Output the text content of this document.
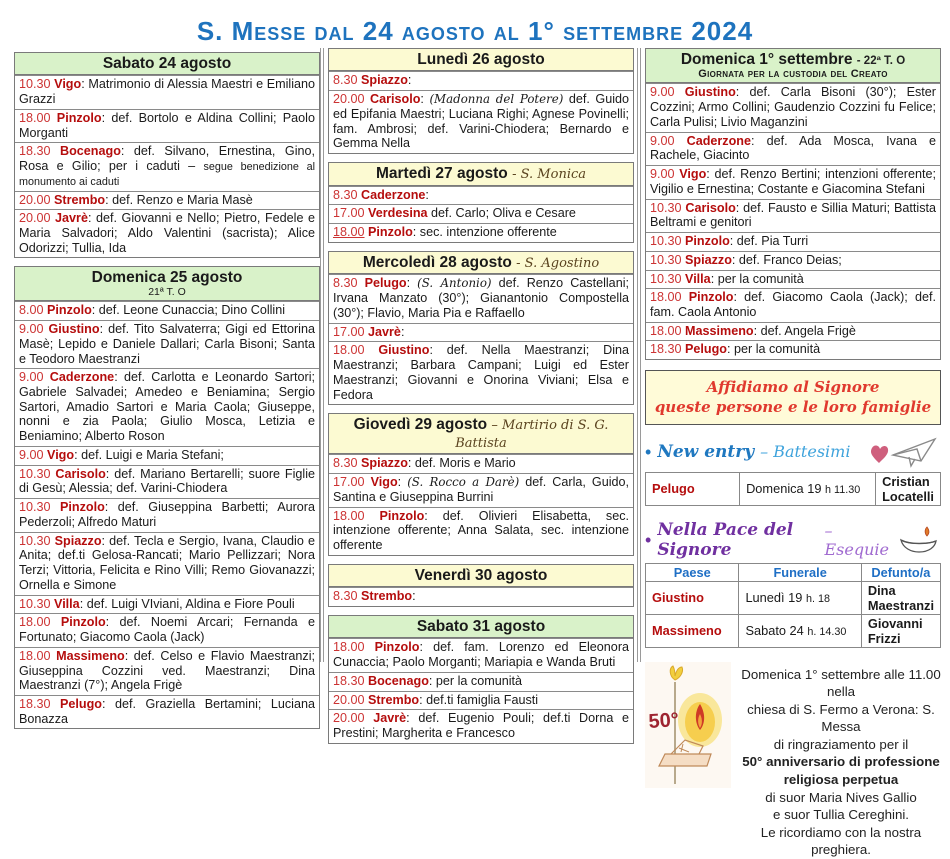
S. Messe dal 24 agosto al 1° settembre 2024
Sabato 24 agosto
10.30 Vigo: Matrimonio di Alessia Maestri e Emiliano Grazzi
18.00 Pinzolo: def. Bortolo e Aldina Collini; Paolo Morganti
18.30 Bocenago: def. Silvano, Ernestina, Gino, Rosa e Gilio; per i caduti – segue benedizione al monumento ai caduti
20.00 Strembo: def. Renzo e Maria Masè
20.00 Javrè: def. Giovanni e Nello; Pietro, Fedele e Maria Salvadori; Aldo Valentini (sacrista); Alice Odorizzi; Tullia, Ida
Domenica 25 agosto
21ª T. O
8.00 Pinzolo: def. Leone Cunaccia; Dino Collini
9.00 Giustino: def. Tito Salvaterra; Gigi ed Ettorina Masè; Lepido e Daniele Dallari; Carla Bisoni; Santa e Teodoro Maestranzi
9.00 Caderzone: def. Carlotta e Leonardo Sartori; Gabriele Salvadei; Amedeo e Beniamina; Sergio Sartori, Amadio Sartori e Maria Caola; Giuseppe, nonni e zia Paola; Giulio Mosca, Letizia e Beniamino; Alberto Roson
9.00 Vigo: def. Luigi e Maria Stefani;
10.30 Carisolo: def. Mariano Bertarelli; suore Figlie di Gesù; Alessia; def. Varini-Chiodera
10.30 Pinzolo: def. Giuseppina Barbetti; Aurora Pederzoli; Alfredo Maturi
10.30 Spiazzo: def. Tecla e Sergio, Ivana, Claudio e Anita; def.ti Gelosa-Rancati; Mario Pellizzari; Nora Terzi; Vittoria, Felicita e Rino Villi; Remo Giovanazzi; Ornella e Simone
10.30 Villa: def. Luigi VIviani, Aldina e Fiore Pouli
18.00 Pinzolo: def. Noemi Arcari; Fernanda e Fortunato; Giacomo Caola (Jack)
18.00 Massimeno: def. Celso e Flavio Maestranzi; Giuseppina Cozzini ved. Maestranzi; Dina Maestranzi (7°); Angela Frigè
18.30 Pelugo: def. Graziella Bertamini; Luciana Bonazza
Lunedì 26 agosto
8.30 Spiazzo:
20.00 Carisolo: (Madonna del Potere) def. Guido ed Epifania Maestri; Luciana Righi; Agnese Povinelli; fam. Ambrosi; def. Varini-Chiodera; Bernardo e Gemma Nella
Martedì 27 agosto - S. Monica
8.30 Caderzone:
17.00 Verdesina def. Carlo; Oliva e Cesare
18.00 Pinzolo: sec. intenzione offerente
Mercoledì 28 agosto - S. Agostino
8.30 Pelugo: (S. Antonio) def. Renzo Castellani; Irvana Manzato (30°); Gianantonio Compostella (30°); Flavio, Maria Pia e Raffaello
17.00 Javrè:
18.00 Giustino: def. Nella Maestranzi; Dina Maestranzi; Barbara Campani; Luigi ed Ester Maestranzi; Giovanni e Onorina Viviani; Elsa e Fedora
Giovedì 29 agosto – Martirio di S. G. Battista
8.30 Spiazzo: def. Moris e Mario
17.00 Vigo: (S. Rocco a Darè) def. Carla, Guido, Santina e Giuseppina Burrini
18.00 Pinzolo: def. Olivieri Elisabetta, sec. intenzione offerente; Anna Salata, sec. intenzione offerente
Venerdì 30 agosto
8.30 Strembo:
Sabato 31 agosto
18.00 Pinzolo: def. fam. Lorenzo ed Eleonora Cunaccia; Paolo Morganti; Mariapia e Wanda Bruti
18.30 Bocenago: per la comunità
20.00 Strembo: def.ti famiglia Fausti
20.00 Javrè: def. Eugenio Pouli; def.ti Dorna e Prestini; Margherita e Francesco
Domenica 1° settembre - 22ª T. O
Giornata per la custodia del Creato
9.00 Giustino: def. Carla Bisoni (30°); Ester Cozzini; Armo Collini; Gaudenzio Cozzini fu Felice; Carla Pulisi; Livio Maganzini
9.00 Caderzone: def. Ada Mosca, Ivana e Rachele, Giacinto
9.00 Vigo: def. Renzo Bertini; intenzioni offerente; Vigilio e Ernestina; Costante e Giacomina Stefani
10.30 Carisolo: def. Fausto e Sillia Maturi; Battista Beltrami e genitori
10.30 Pinzolo: def. Pia Turri
10.30 Spiazzo: def. Franco Deias;
10.30 Villa: per la comunità
18.00 Pinzolo: def. Giacomo Caola (Jack); def. fam. Caola Antonio
18.00 Massimeno: def. Angela Frigè
18.30 Pelugo: per la comunità
Affidiamo al Signore
queste persone e le loro famiglie
• New entry – Battesimi
Pelugo	Domenica 19 h 11.30	Cristian Locatelli
• Nella Pace del Signore
– Esequie
Paese	Funerale	Defunto/a
Giustino	Lunedì 19 h. 18	Dina Maestranzi
Massimeno	Sabato 24 h. 14.30	Giovanni Frizzi
50°
Domenica 1° settembre alle 11.00 nella
chiesa di S. Fermo a Verona: S. Messa
di ringraziamento per il
50° anniversario di professione
religiosa perpetua
di suor Maria Nives Gallio
e suor Tullia Cereghini.
Le ricordiamo con la nostra preghiera.
